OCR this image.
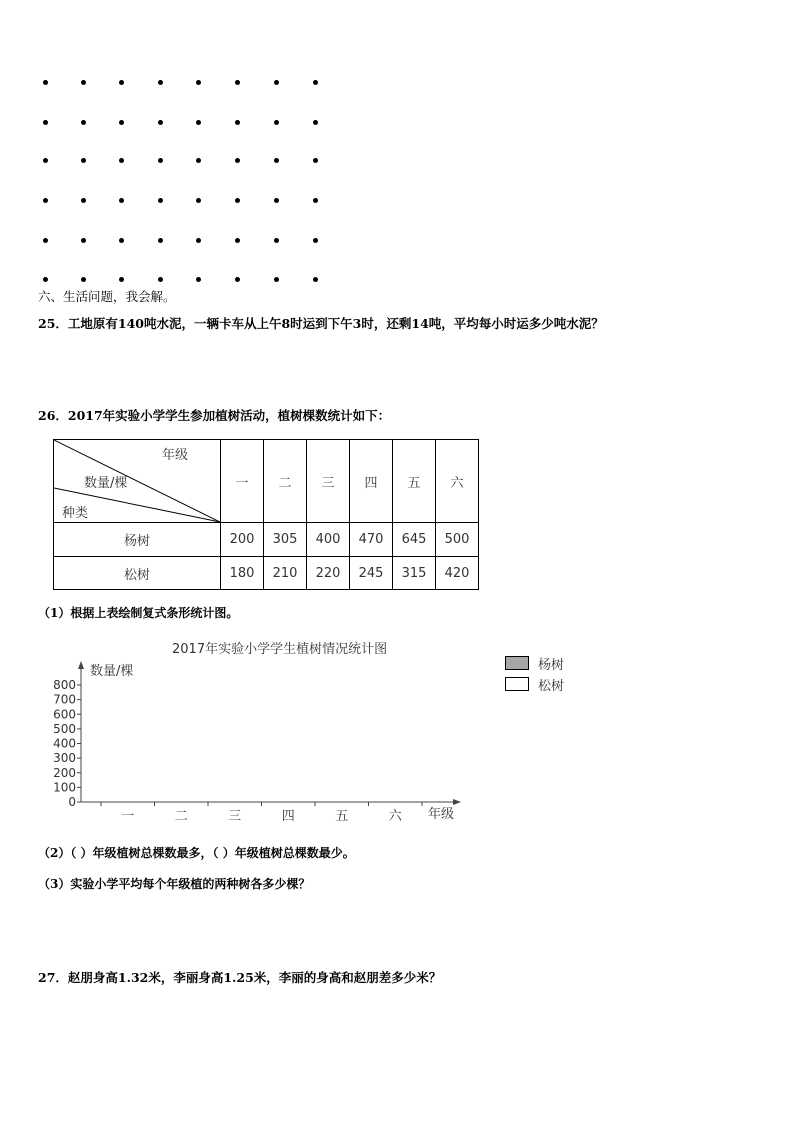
六、生活问题，我会解。
25．工地原有140吨水泥，一辆卡车从上午8时运到下午3时，还剩14吨，平均每小时运多少吨水泥？
26．2017年实验小学学生参加植树活动，植树棵数统计如下：
年级
数量/棵
种类	一	二	三	四	五	六
杨树	200	305	400	470	645	500
松树	180	210	220	245	315	420
（1）根据上表绘制复式条形统计图。
2017年实验小学学生植树情况统计图
数量/棵
年级
0
100
200
300
400
500
600
700
800
一	二	三	四	五	六
杨树
松树
（2）（ ）年级植树总棵数最多，（ ）年级植树总棵数最少。
（3）实验小学平均每个年级植的两种树各多少棵？
27．赵朋身高1.32米，李丽身高1.25米，李丽的身高和赵朋差多少米？
